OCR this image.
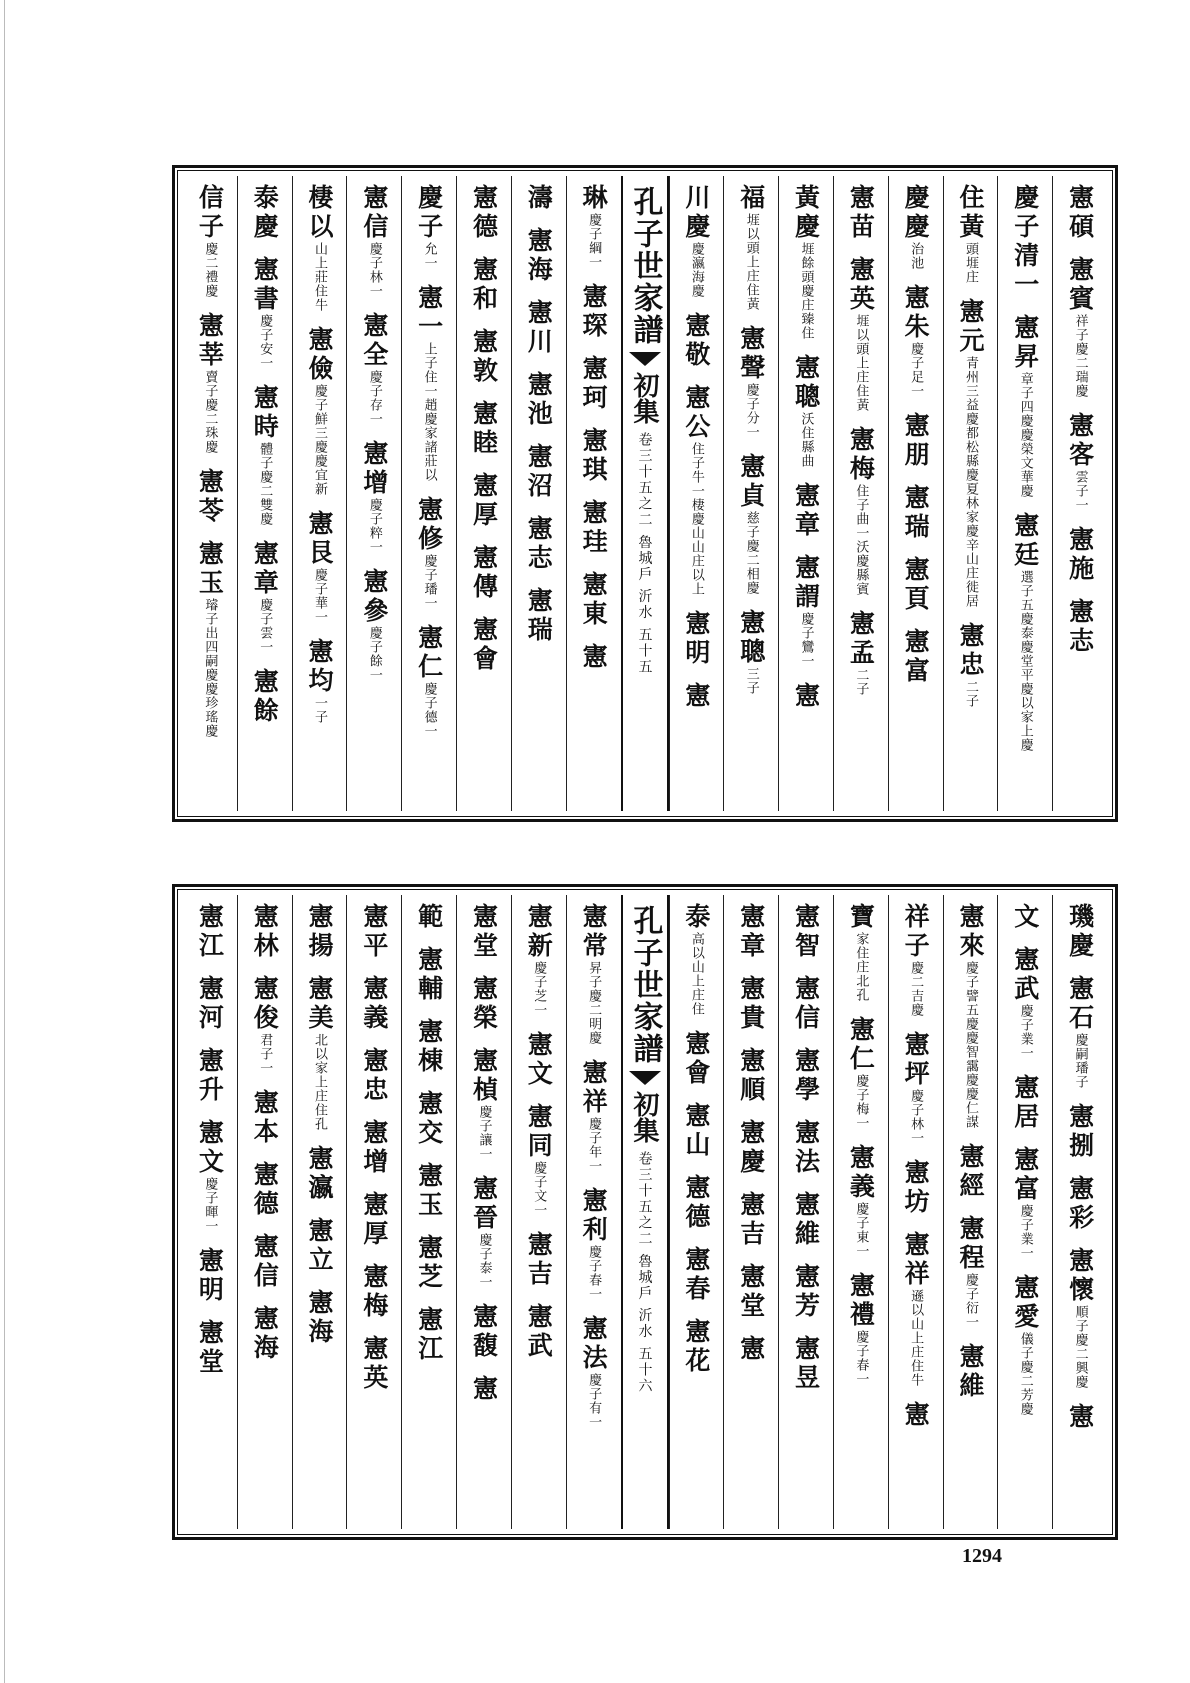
憲碩
憲賓祥子慶二瑞慶
憲客雲子一
憲施
憲志
慶子清一
憲昇章子四慶慶榮文華慶
憲廷選子五慶泰慶堂平慶以家上慶
住黃頭堐庄
憲元青州三益慶都松縣慶夏林家慶辛山庄徙居
憲忠二子
慶慶治池
憲朱慶子足一
憲朋
憲瑞
憲頁
憲富
憲苗
憲英堐以頭上庄住黃
憲梅住子曲一沃慶縣賓
憲孟二子
黃慶堐餘頭慶庄臻住
憲聰沃住縣曲
憲章
憲謂慶子鸞一
憲
福堐以頭上庄住黃
憲聲慶子分一
憲貞慈子慶二相慶
憲聰三子
川慶慶瀛海慶
憲敬
憲公住子牛一棲慶山山庄以上
憲明
憲
孔子世家譜
初集
卷三十五之二 魯城戶 沂水 五十五
琳慶子綱一
憲琛
憲珂
憲琪
憲珪
憲東
憲
濤
憲海
憲川
憲池
憲沼
憲志
憲瑞
憲德
憲和
憲敦
憲睦
憲厚
憲傳
憲會
慶子允一
憲一上子住一趙慶家諸莊以
憲修慶子璠一
憲仁慶子德一
憲信慶子林一
憲全慶子存一
憲增慶子粹一
憲參慶子餘一
棲以山上莊住牛
憲儉慶子鮮三慶慶宜新
憲艮慶子華一
憲均一子
泰慶
憲書慶子安一
憲時體子慶二雙慶
憲章慶子雲一
憲餘
信子慶二禮慶
憲莘賣子慶二珠慶
憲苓
憲玉璿子出四嗣慶慶珍瑤慶
璣慶
憲石慶嗣璠子
憲捌
憲彩
憲懷順子慶二興慶
憲
文
憲武慶子業一
憲居
憲富慶子業一
憲愛儀子慶二芳慶
憲來慶子譬五慶慶智靄慶慶仁謀
憲經
憲程慶子衍一
憲維
祥子慶二吉慶
憲坪慶子林一
憲坊
憲祥遜以山上庄住牛
憲
寶家住庄北孔
憲仁慶子梅一
憲義慶子東一
憲禮慶子春一
憲智
憲信
憲學
憲法
憲維
憲芳
憲昱
憲章
憲貴
憲順
憲慶
憲吉
憲堂
憲
泰高以山上庄住
憲會
憲山
憲德
憲春
憲花
孔子世家譜
初集
卷三十五之二 魯城戶 沂水 五十六
憲常昇子慶二明慶
憲祥慶子年一
憲利慶子春一
憲法慶子有一
憲新慶子芝一
憲文
憲同慶子文一
憲吉
憲武
憲堂
憲榮
憲楨慶子讓一
憲晉慶子泰一
憲馥
憲
範
憲輔
憲棟
憲交
憲玉
憲芝
憲江
憲平
憲義
憲忠
憲增
憲厚
憲梅
憲英
憲揚
憲美北以家上庄住孔
憲瀛
憲立
憲海
憲林
憲俊君子一
憲本
憲德
憲信
憲海
憲江
憲河
憲升
憲文慶子暉一
憲明
憲堂
1294
